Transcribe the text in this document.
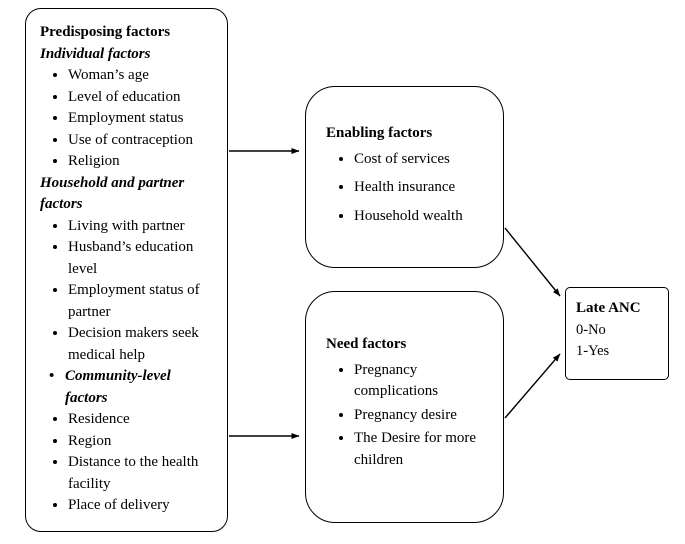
Predisposing factors
Individual factors
• Woman’s age
• Level of education
• Employment status
• Use of contraception
• Religion
Household and partner factors
• Living with partner
• Husband’s education level
• Employment status of partner
• Decision makers seek medical help
• Community-level factors
• Residence
• Region
• Distance to the health facility
• Place of delivery
Enabling factors
• Cost of services
• Health insurance
• Household wealth
Need factors
• Pregnancy complications
• Pregnancy desire
• The Desire for more children
Late ANC
0-No
1-Yes
